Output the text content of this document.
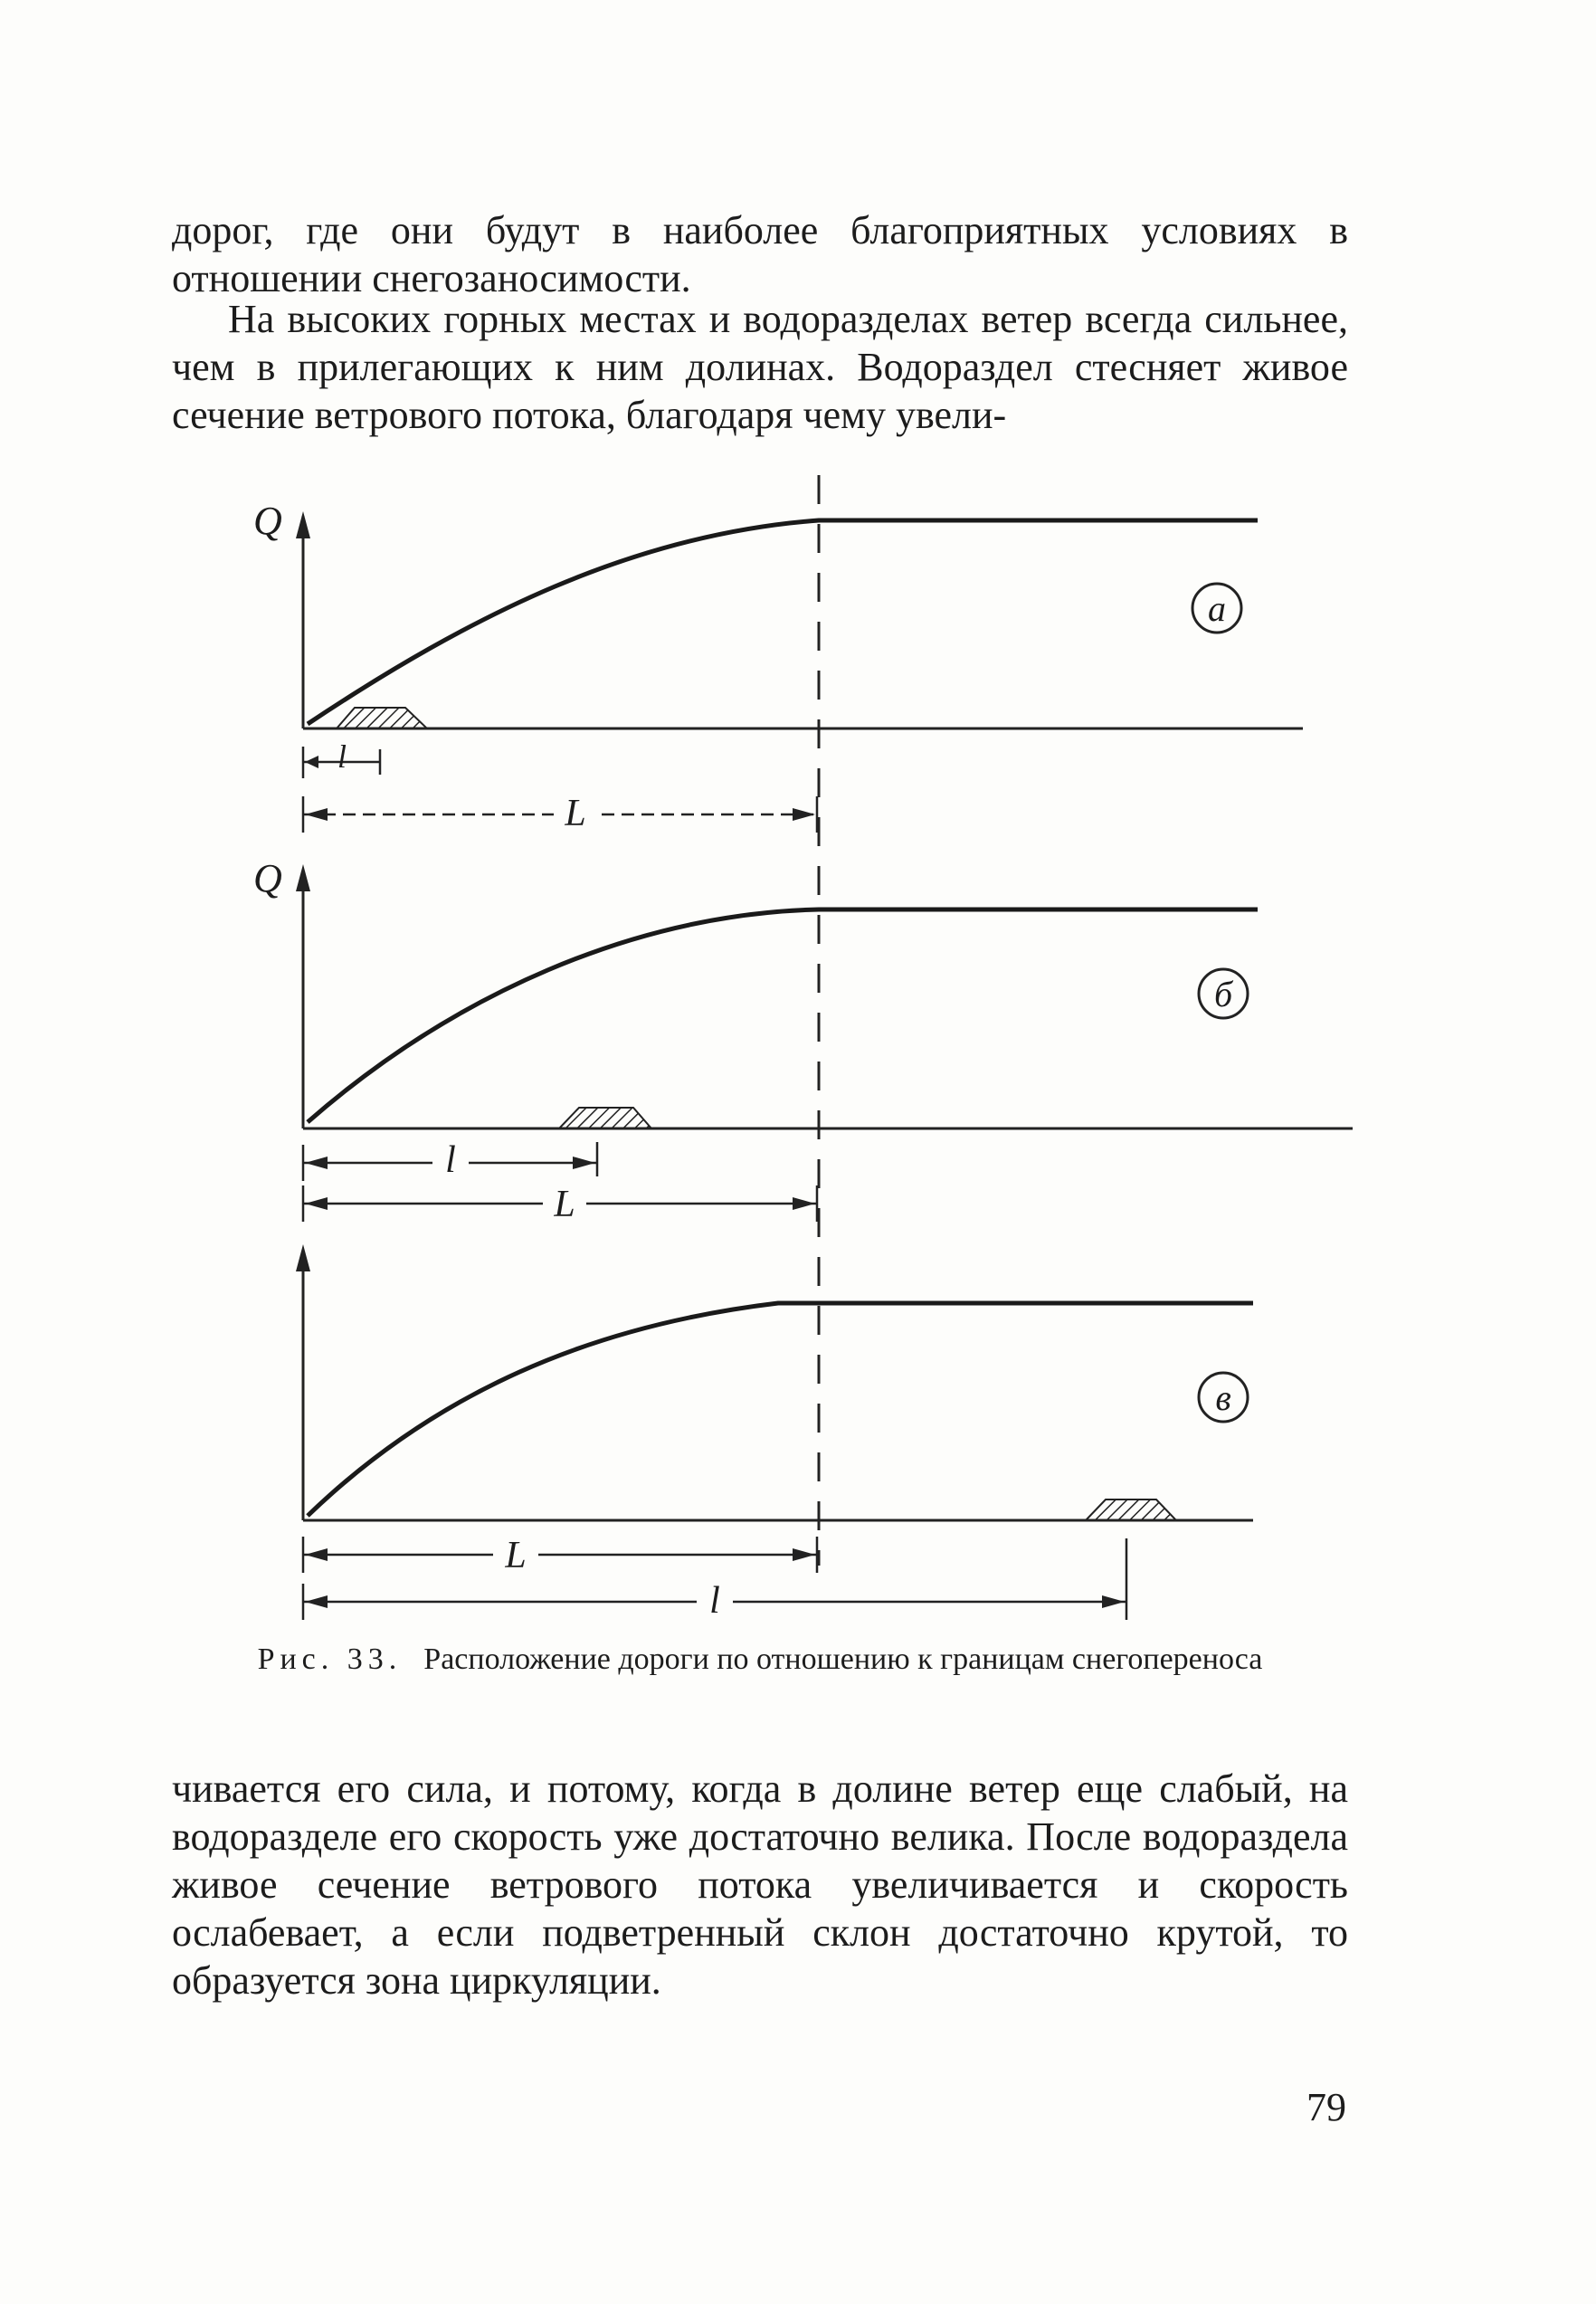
дорог, где они будут в наиболее благоприятных условиях в отношении снегозаносимости.

На высоких горных местах и водоразделах ветер всегда сильнее, чем в прилегающих к ним долинах. Водораздел стесняет живое сечение ветрового потока, благодаря чему увели-

Q
а
l
L
Q
б
l
L
в
L
l
Рис. 33. Расположение дороги по отношению к границам снегопереноса

чивается его сила, и потому, когда в долине ветер еще слабый, на водоразделе его скорость уже достаточно велика. После водораздела живое сечение ветрового потока увеличивается и скорость ослабевает, а если подветренный склон достаточно крутой, то образуется зона циркуляции.

79
